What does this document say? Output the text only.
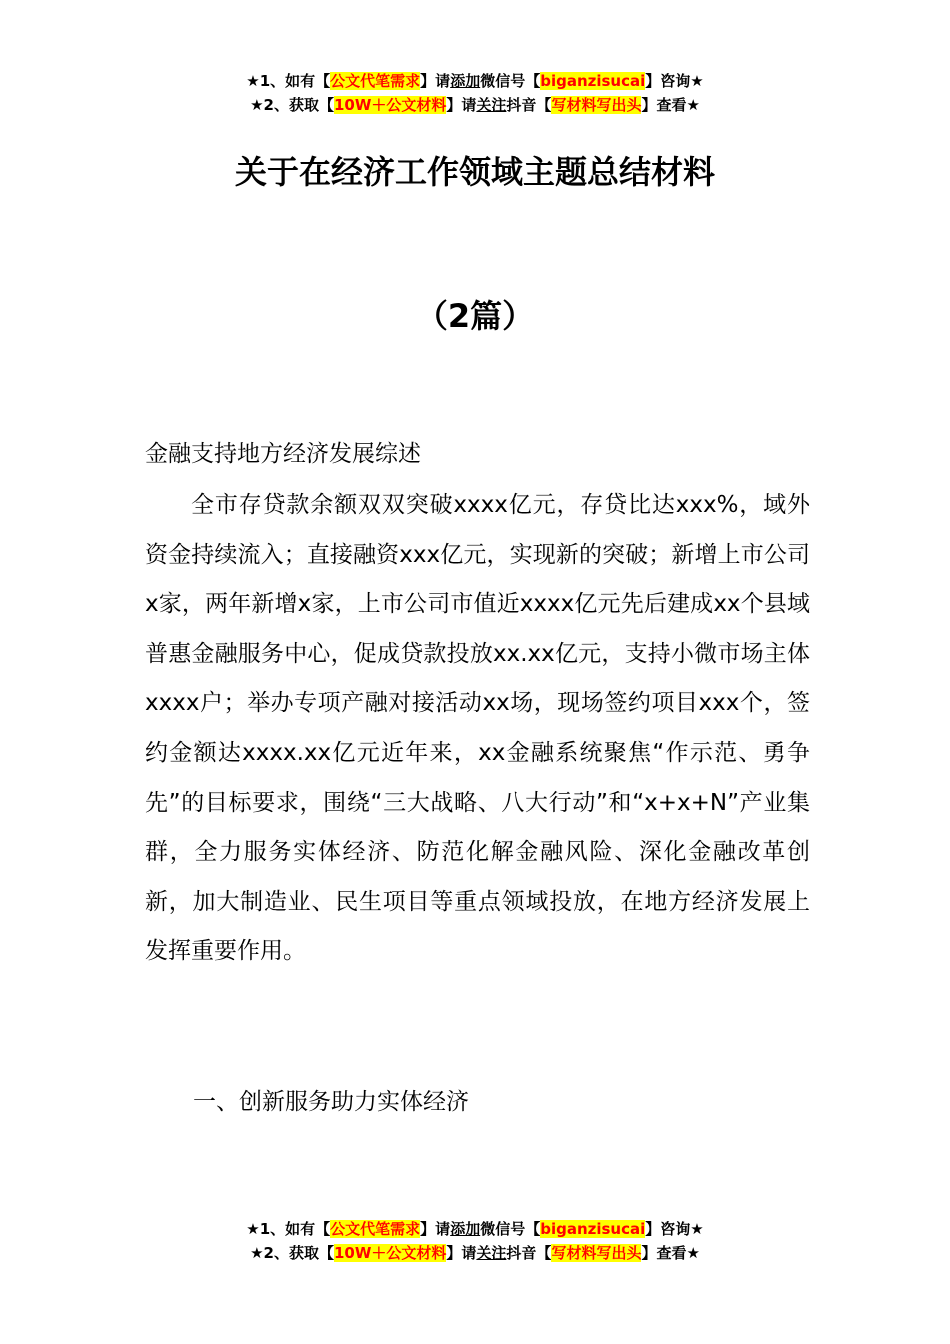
★1、如有【公文代笔需求】请添加微信号【biganzisucai】咨询★
★2、获取【10W＋公文材料】请关注抖音【写材料写出头】查看★
关于在经济工作领域主题总结材料
（2篇）
金融支持地方经济发展综述
全市存贷款余额双双突破xxxx亿元，存贷比达xxx%，域外资金持续流入；直接融资xxx亿元，实现新的突破；新增上市公司x家，两年新增x家，上市公司市值近xxxx亿元先后建成xx个县域普惠金融服务中心，促成贷款投放xx.xx亿元，支持小微市场主体xxxx户；举办专项产融对接活动xx场，现场签约项目xxx个，签约金额达xxxx.xx亿元近年来，xx金融系统聚焦“作示范、勇争先”的目标要求，围绕“三大战略、八大行动”和“x+x+N”产业集群，全力服务实体经济、防范化解金融风险、深化金融改革创新，加大制造业、民生项目等重点领域投放，在地方经济发展上发挥重要作用。
一、创新服务助力实体经济
★1、如有【公文代笔需求】请添加微信号【biganzisucai】咨询★
★2、获取【10W＋公文材料】请关注抖音【写材料写出头】查看★
